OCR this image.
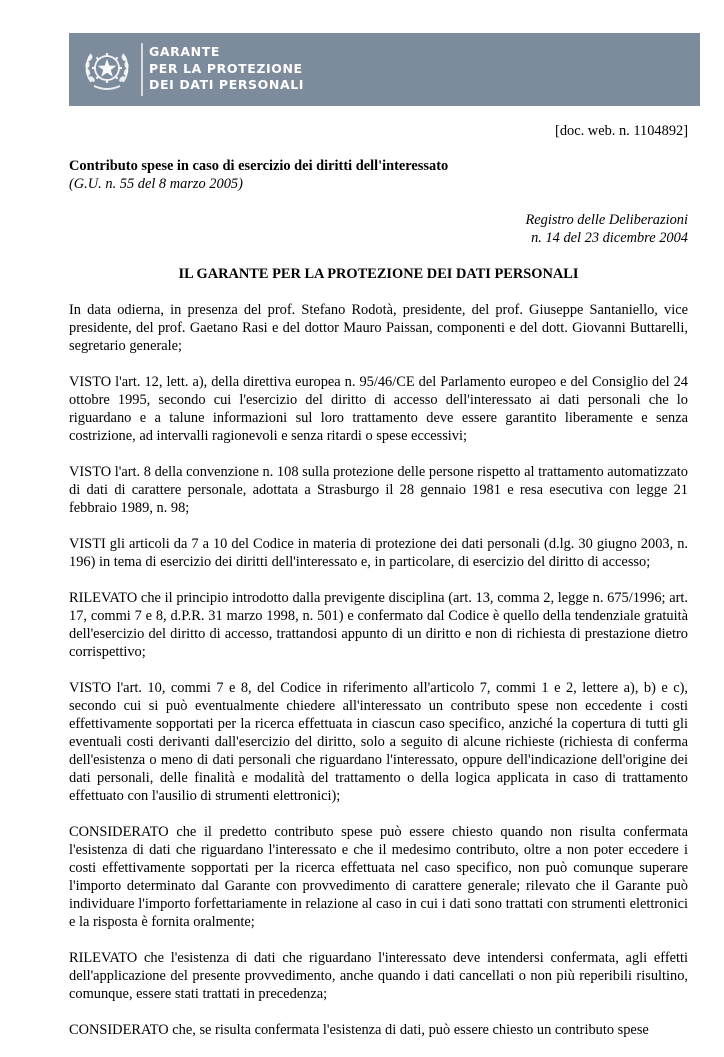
GARANTE
PER LA PROTEZIONE
DEI DATI PERSONALI

[doc. web. n. 1104892]

Contributo spese in caso di esercizio dei diritti dell'interessato

(G.U. n. 55 del 8 marzo 2005)

Registro delle Deliberazioni
n. 14 del 23 dicembre 2004

IL GARANTE PER LA PROTEZIONE DEI DATI PERSONALI

In data odierna, in presenza del prof. Stefano Rodotà, presidente, del prof. Giuseppe Santaniello, vice presidente, del prof. Gaetano Rasi e del dottor Mauro Paissan, componenti e del dott. Giovanni Buttarelli, segretario generale;

VISTO l'art. 12, lett. a), della direttiva europea n. 95/46/CE del Parlamento europeo e del Consiglio del 24 ottobre 1995, secondo cui l'esercizio del diritto di accesso dell'interessato ai dati personali che lo riguardano e a talune informazioni sul loro trattamento deve essere garantito liberamente e senza costrizione, ad intervalli ragionevoli e senza ritardi o spese eccessivi;

VISTO l'art. 8 della convenzione n. 108 sulla protezione delle persone rispetto al trattamento automatizzato di dati di carattere personale, adottata a Strasburgo il 28 gennaio 1981 e resa esecutiva con legge 21 febbraio 1989, n. 98;

VISTI gli articoli da 7 a 10 del Codice in materia di protezione dei dati personali (d.lg. 30 giugno 2003, n. 196) in tema di esercizio dei diritti dell'interessato e, in particolare, di esercizio del diritto di accesso;

RILEVATO che il principio introdotto dalla previgente disciplina (art. 13, comma 2, legge n. 675/1996; art. 17, commi 7 e 8, d.P.R. 31 marzo 1998, n. 501) e confermato dal Codice è quello della tendenziale gratuità dell'esercizio del diritto di accesso, trattandosi appunto di un diritto e non di richiesta di prestazione dietro corrispettivo;

VISTO l'art. 10, commi 7 e 8, del Codice in riferimento all'articolo 7, commi 1 e 2, lettere a), b) e c), secondo cui si può eventualmente chiedere all'interessato un contributo spese non eccedente i costi effettivamente sopportati per la ricerca effettuata in ciascun caso specifico, anziché la copertura di tutti gli eventuali costi derivanti dall'esercizio del diritto, solo a seguito di alcune richieste (richiesta di conferma dell'esistenza o meno di dati personali che riguardano l'interessato, oppure dell'indicazione dell'origine dei dati personali, delle finalità e modalità del trattamento o della logica applicata in caso di trattamento effettuato con l'ausilio di strumenti elettronici);

CONSIDERATO che il predetto contributo spese può essere chiesto quando non risulta confermata l'esistenza di dati che riguardano l'interessato e che il medesimo contributo, oltre a non poter eccedere i costi effettivamente sopportati per la ricerca effettuata nel caso specifico, non può comunque superare l'importo determinato dal Garante con provvedimento di carattere generale; rilevato che il Garante può individuare l'importo forfettariamente in relazione al caso in cui i dati sono trattati con strumenti elettronici e la risposta è fornita oralmente;

RILEVATO che l'esistenza di dati che riguardano l'interessato deve intendersi confermata, agli effetti dell'applicazione del presente provvedimento, anche quando i dati cancellati o non più reperibili risultino, comunque, essere stati trattati in precedenza;

CONSIDERATO che, se risulta confermata l'esistenza di dati, può essere chiesto un contributo spese
